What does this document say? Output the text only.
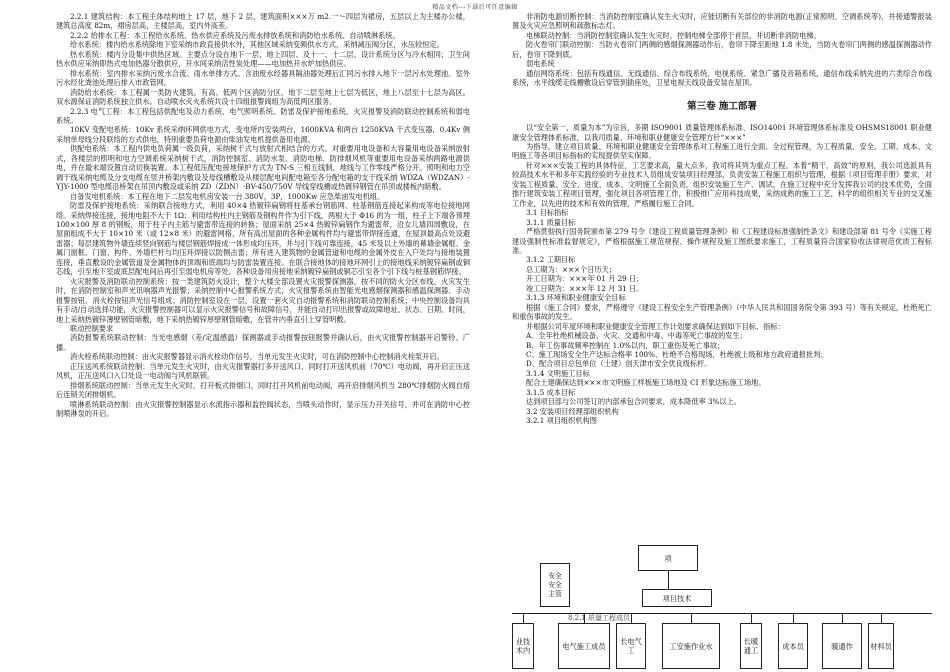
精品文档---下载后可任意编辑

2.2.1 建筑结构：本工程主体结构地上 17 层，地下 2 层，建筑面积×××万 m2.一～四层为裙房，五层以上为主楼办公楼，建筑总高度 82m，裙房层高，主楼层高，室内外高差。

2.2.2 给排水工程：本工程给水系统、热水供应系统及污废水排放系统和消防给水系统、自动喷淋系统。

给水系统：楼内给水系统除地下室采纳市政直接供水外，其他区域采纳变频供水方式，采纳减压阀分区，水压较恒定。

热水系统：楼内分设集中供热区域。主要点分设在地下一层、地上四层、及十一、十二层。设计系统分区与冷水相同；卫生间热水供应采纳即热式电加热器分散供应，开水间采纳活性炭处理——电加热开水炉加热供应。

排水系统：室内排水采纳污废水合流、雨水单排方式。含油废水经器具隔油器处理后汇同污水排入地下一层污水处理池。室外污水经化粪池处理后排入市政管网。

消防给水系统：本工程属一类防火建筑。有高、低两个区消防分区，地下二层至地上七层为低区，地上八层至十七层为高区。双水源保证消防系统独立供水。自动喷水灭火系统共设十四组报警阀组为高低两区服务。

2.2.3 电气工程：本工程包括供配电及动力系统、电气照明系统、防雷及保护接地系统、火灾报警及消防联动控制系统和弱电系统。

10KV 变配电系统：10Kv 系统采纳环网供电方式，变电所内安装两台，1600KVA 和两台 1250KVA 干式变压器，0.4Kv 侧采纳单母线分段联络的方式供电，特别重要负荷电源由柴油发电机提供备用电源。

供配电系统：本工程内供电负荷属一级负荷，采纳树干式与放射式相结合的方式。对重要用电设备和大容量用电设备采纳放射式，各楼层的照明和电力空调系统采纳树干式，消防控制室、消防水泵、消防电梯、防排烟风机等重要用电设备采纳两路电源供电，并在最末端设置自动切换装置。本工程低压配电接地保护方式为 TN-S 三相五线制，地线与工作零线严格分开。照明和电力空调干线采纳电缆及分支电缆在竖井桥架内敷设及母线槽敷设从楼层配电间配电箱至各分配电箱的支干线采纳 WDZA（WDZAN）-YJY-1000 型电缆沿桥架在吊顶内敷设或采纳 ZD（ZDN）-BV-450/750V 导线穿线槽或热镀锌钢管在吊顶或楼板内暗敷。

自备发电机系统：本工程在地下二层发电机房安装一台 380V，3P，1000Kw 应急柴油发电机组。

防雷及保护接地系统：采纳联合接地方式，利用 40×4 热镀锌扁钢将柱基承台钢筋网、柱基钢筋连接起来构成等电位接地网络。采纳焊接连接，接地电阻不大于 1Ω；利用结构柱内主钢筋及钢构件作为引下线，两根大于 Φ16 的为一组，柱子上下端各预埋 100×100 厚 8 的钢板，用于柱子内主筋与避雷带连接的转换；屋面采纳 25×4 热镀锌扁钢作为避雷带，沿女儿墙四周敷设，在屋面组成不大于 10×10 米（或 12×8 米）的避雷网格，所有高出屋面的各种金属构件均与避雷带焊接连通，在屋顶最高点处设避雷器；每层建筑物外墙连续竖向钢筋与楼层钢筋焊接成一体形成均压环，并与引下线可靠连接，45 米及以上外墙的幕墙金属框、金属门窗框、门窗、构件、外墙栏杆与均压环焊接以防侧击雷；所有进入建筑物的金属管道和电缆的金属外皮在入户处均与接地装置连接，垂直敷设的金属管道及金属物体的顶端和底端均与防雷装置连接。在联合接地体的接地环网引上的接地线采纳镀锌扁钢或铜芯线，引至地下室或底层配电间后再引至弱电机房等处。各种设备用房接地采纳镀锌扁钢或铜芯引至各个引下线与桩基钢筋焊接。

火灾报警及消防联动控制系统：按一类建筑防火设计，整个大楼全部设置火灾报警探测器，按不同的防火分区布线，火灾发生时，在消防控制室和声光讯响器声光报警；采纳控制中心报警系统方式，火灾报警系统由智能光电感烟探测器和感温探测器、手动报警按钮、消火栓按钮声光信号组成；消防控制室设在一层，设置一套火灾自动报警系统和消防联动控制系统；中央控制设备均具有手动/自动选择功能，火灾报警控制器可以显示火灾报警信号和故障信号，并能自动打印出报警或故障地址、状态、日期、时间，地上采纳热镀锌薄壁钢管暗敷，地下采纳热镀锌厚壁钢管暗敷，在管井内垂直引上穿管明敷。

联动控制要求

消防报警系统联动控制：当光电感烟（差/定温感温）探测器或手动报警按钮报警并确认后，由火灾报警控制器开启警铃、广播。

消火栓系统联动控制：由火灾报警器显示消火栓动作信号，当单元发生火灾时，可在消防控制中心控制消火栓泵开启。

正压送风系统联动控制：当单元发生火灾时，由火灾报警器打多开送风口，同时打开送风机前（70℃）电动阀，再开启正压送风机，正压送风口入口处设一电动阀与风机联锁。

排烟系统联动控制：当单元发生火灾时，打开板式排烟口，同时打开风机前电动阀，再开启排烟风机当 280℃排烟防火阀自熔后连锁关闭排烟机。

喷淋系统联动控制：由火灾报警控制器显示水流指示器和监控阀状态，当喷头动作时，显示压力开关信号，并可在消防中心控制喷淋泵的开启。

非消防电源切断控制：当消防控制室确认发生火灾时，应能切断有关部位的非消防电源(正常照明、空调系统等)，并接通警报装置及火灾应急照明和疏散标志灯。

电梯联动控制：当消防控制室确认发生火灾时，控制电梯全部停于首层，并切断非消防电梯。

防火卷帘门联动控制：当防火卷帘门两侧的感烟探测器动作后，卷帘下降至距地 1.8 米处，当防火卷帘门两侧的感温探测器动作后，卷帘下降到底。

弱电系统

通信网络系统：包括有线通信、无线通信、综合布线系统、电视系统、紧急广播及音箱系统，通信布线采纳先进的六类综合布线系统，水平线缆走线槽敷设后穿管到插座处，卫星电视天线设备安装在屋顶。

第三卷 施工部署

以“安全第一、质量为本”为宗旨，多期 ISO9001 质量管理体系标准、ISO14001 环境管理体系标准及 OHSMS18001 职业健康安全管理体系标准，以我司质量、环境和职业健康安全管理方针“×××”

为指导，建立项目质量、环境和职业健康安全管理体系对工程施工进行全面、全过程管理，为工程质量、安全、工期、成本、文明施工等各项目标指标的实现提供坚实保障。

针对×××安装工程的具体特征，工艺要求高，量大点多，我司将其列为重点工程。本着“精干、高效”的原则，我公司选派具有较高技术水平和多年实践经验的专业技术人员组成安装项目经理部，负责安装工程施工组织与管理，根据《项目管理手册》要求，对安装工程质量、安全、进度、成本、文明施工全面负责，组织安装施工生产、调试，在施工过程中充分发挥我公司的技术优势，全面推行建筑安装工程项目管理，强化项目各项管理工作，积极推广应用科技成果，采纳成熟的施工工艺，科学的组织相关专业的交叉施工作业，以先进的技术和有效的管理，严格履行施工合同。

3.1 目标指标

3.1.1 质量目标

严格贯彻执行国务院颁布第 279 号令《建设工程质量管理条例》和《工程建设标准强制性条文》和建设部第 81 号令《实施工程建设强制性标准监督规定》，严格根据施工规范规程、操作规程及施工图纸要求施工，工程质量符合国家验收法律规范优质工程标准。

3.1.2 工期目标

总工期为：×××个日历天；

开工日期为：×××年 01 月 29 日；

竣工日期为：×××年 12 月 31 日。

3.1.3 环境和职业健康安全目标

根据《施工合同》要求，严格遵守《建设工程安全生产管理条例》（中华人民共和国国务院令第 393 号）等有关规定，杜绝死亡和重伤事故的发生。

并根据公司年度环境和职业健康安全管理工作计划要求确保达到如下目标、指标：

A、全年杜绝机械设备、火灾、交通和中毒、中毒等死亡事故的发生；

B、年工伤事故频率控制在 1.0%以内，职工重伤及死亡事故；

C、施工现场安全生产达标合格率 100%、杜绝不合格现场，杜绝被上级和地方政府通报批判；

D、配合项目总包单位（土建）创天津市安全优良级标杆。

3.1.4 文明施工目标

配合土建确保达到×××市文明施工样板施工场地及 CI 形象达标施工场地。

3.1.5 成本目标

达到项目部与公司签订的内部承包合同要求，成本降低率 3%以上。

3.2 安装项目经理部组织机构

3.2.1 项目组织机构图

项
项目技术
安全
安全
主管
业技术内	电气施工成员	长电气工	工安施作业水	长暖通工	成本员	暖通作	材料员
8.2.1 质量工程成员
